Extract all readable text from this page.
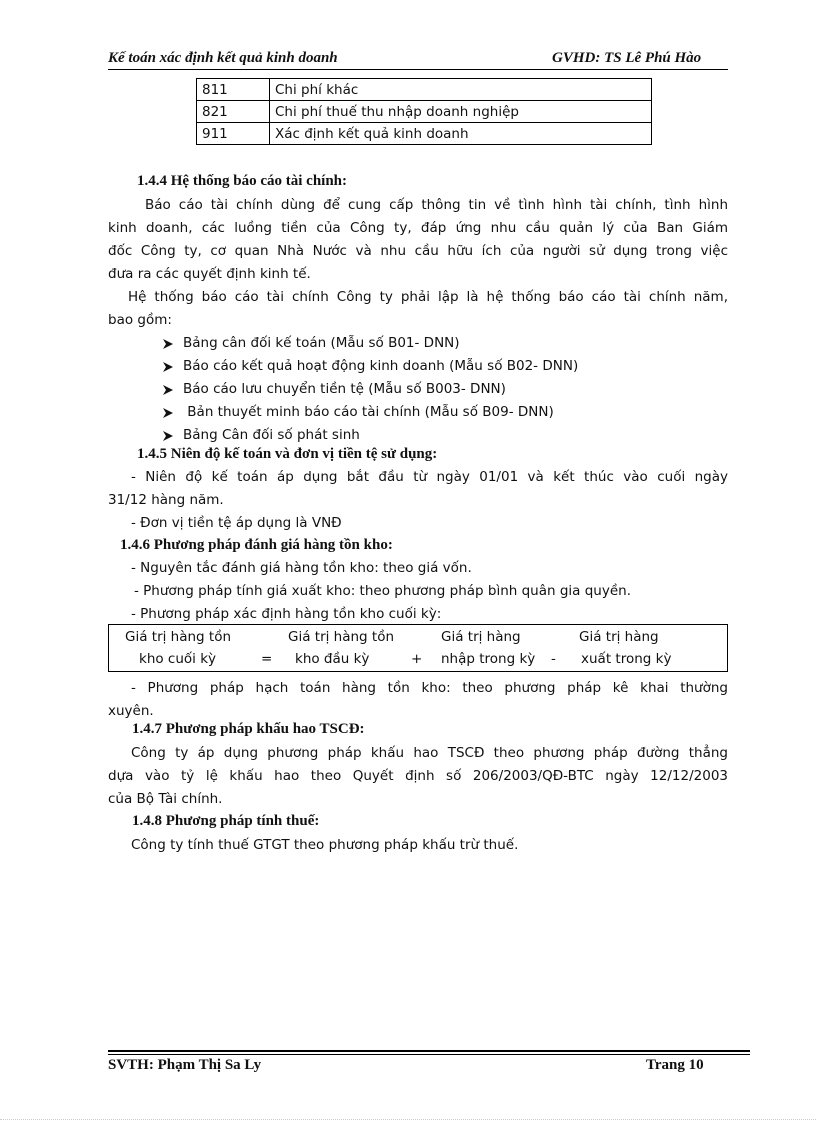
Kế toán xác định kết quả kinh doanh	GVHD: TS Lê Phú Hào
811	Chi phí khác
821	Chi phí thuế thu nhập doanh nghiệp
911	Xác định kết quả kinh doanh
1.4.4 Hệ thống báo cáo tài chính:
Báo cáo tài chính dùng để cung cấp thông tin về tình hình tài chính, tình hình
kinh doanh, các luồng tiền của Công ty, đáp ứng nhu cầu quản lý của Ban Giám
đốc Công ty, cơ quan Nhà Nước và nhu cầu hữu ích của người sử dụng trong việc
đưa ra các quyết định kinh tế.
Hệ thống báo cáo tài chính Công ty phải lập là hệ thống báo cáo tài chính năm,
bao gồm:
Bảng cân đối kế toán (Mẫu số B01- DNN)
Báo cáo kết quả hoạt động kinh doanh (Mẫu số B02- DNN)
Báo cáo lưu chuyển tiền tệ (Mẫu số B003- DNN)
Bản thuyết minh báo cáo tài chính (Mẫu số B09- DNN)
Bảng Cân đối số phát sinh
1.4.5 Niên độ kế toán và đơn vị tiền tệ sử dụng:
- Niên độ kế toán áp dụng bắt đầu từ ngày 01/01 và kết thúc vào cuối ngày
31/12 hàng năm.
- Đơn vị tiền tệ áp dụng là VNĐ
1.4.6 Phương pháp đánh giá hàng tồn kho:
- Nguyên tắc đánh giá hàng tồn kho: theo giá vốn.
- Phương pháp tính giá xuất kho: theo phương pháp bình quân gia quyền.
- Phương pháp xác định hàng tồn kho cuối kỳ:
Giá trị hàng tồn
kho cuối kỳ	=
Giá trị hàng tồn
kho đầu kỳ	+
Giá trị hàng
nhập trong kỳ -
Giá trị hàng
xuất trong kỳ
- Phương pháp hạch toán hàng tồn kho: theo phương pháp kê khai thường
xuyên.
1.4.7 Phương pháp khấu hao TSCĐ:
Công ty áp dụng phương pháp khấu hao TSCĐ theo phương pháp đường thẳng
dựa vào tỷ lệ khấu hao theo Quyết định số 206/2003/QĐ-BTC ngày 12/12/2003
của Bộ Tài chính.
1.4.8 Phương pháp tính thuế:
Công ty tính thuế GTGT theo phương pháp khấu trừ thuế.
SVTH: Phạm Thị Sa Ly	Trang 10
